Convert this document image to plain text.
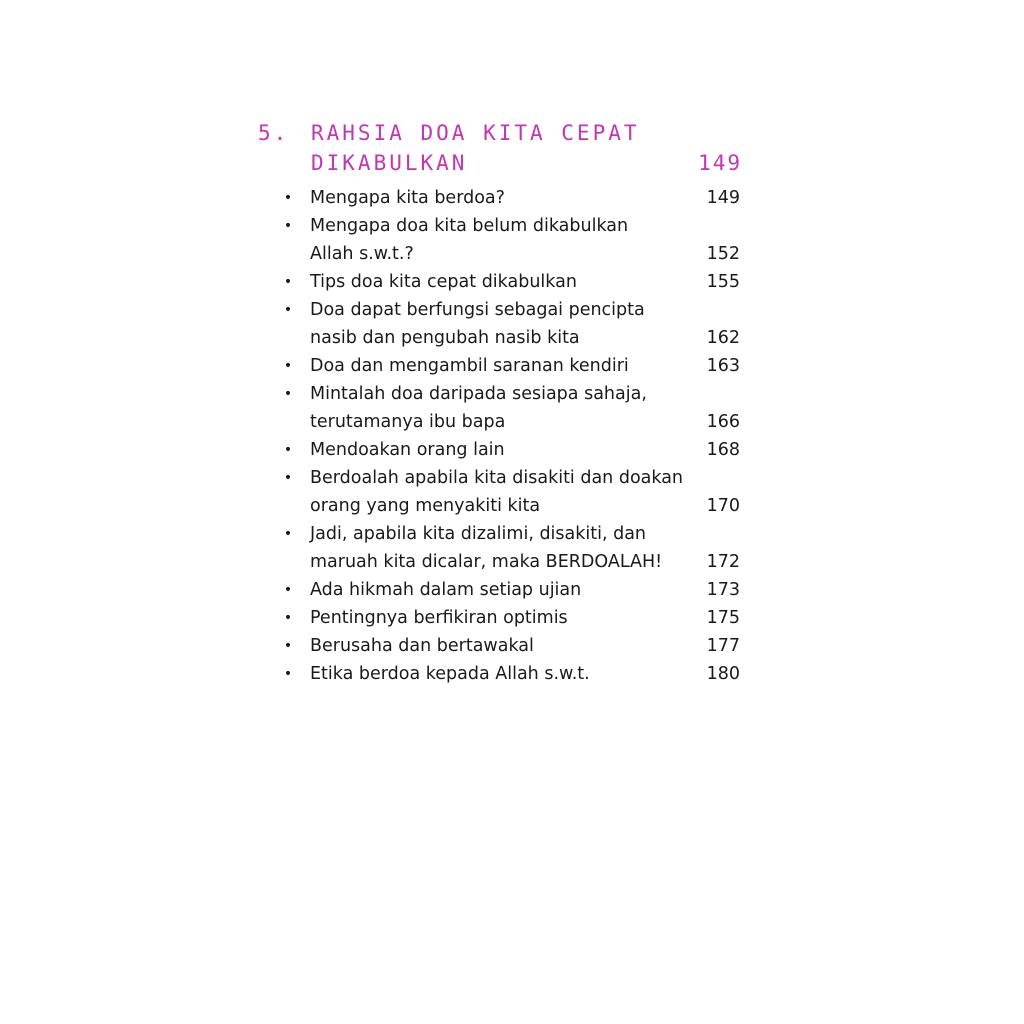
5. RAHSIA DOA KITA CEPAT
DIKABULKAN	149
• Mengapa kita berdoa?	149
• Mengapa doa kita belum dikabulkan
Allah s.w.t.?	152
• Tips doa kita cepat dikabulkan	155
• Doa dapat berfungsi sebagai pencipta
nasib dan pengubah nasib kita	162
• Doa dan mengambil saranan kendiri	163
• Mintalah doa daripada sesiapa sahaja,
terutamanya ibu bapa	166
• Mendoakan orang lain	168
• Berdoalah apabila kita disakiti dan doakan
orang yang menyakiti kita	170
• Jadi, apabila kita dizalimi, disakiti, dan
maruah kita dicalar, maka BERDOALAH!	172
• Ada hikmah dalam setiap ujian	173
• Pentingnya berfikiran optimis	175
• Berusaha dan bertawakal	177
• Etika berdoa kepada Allah s.w.t.	180
